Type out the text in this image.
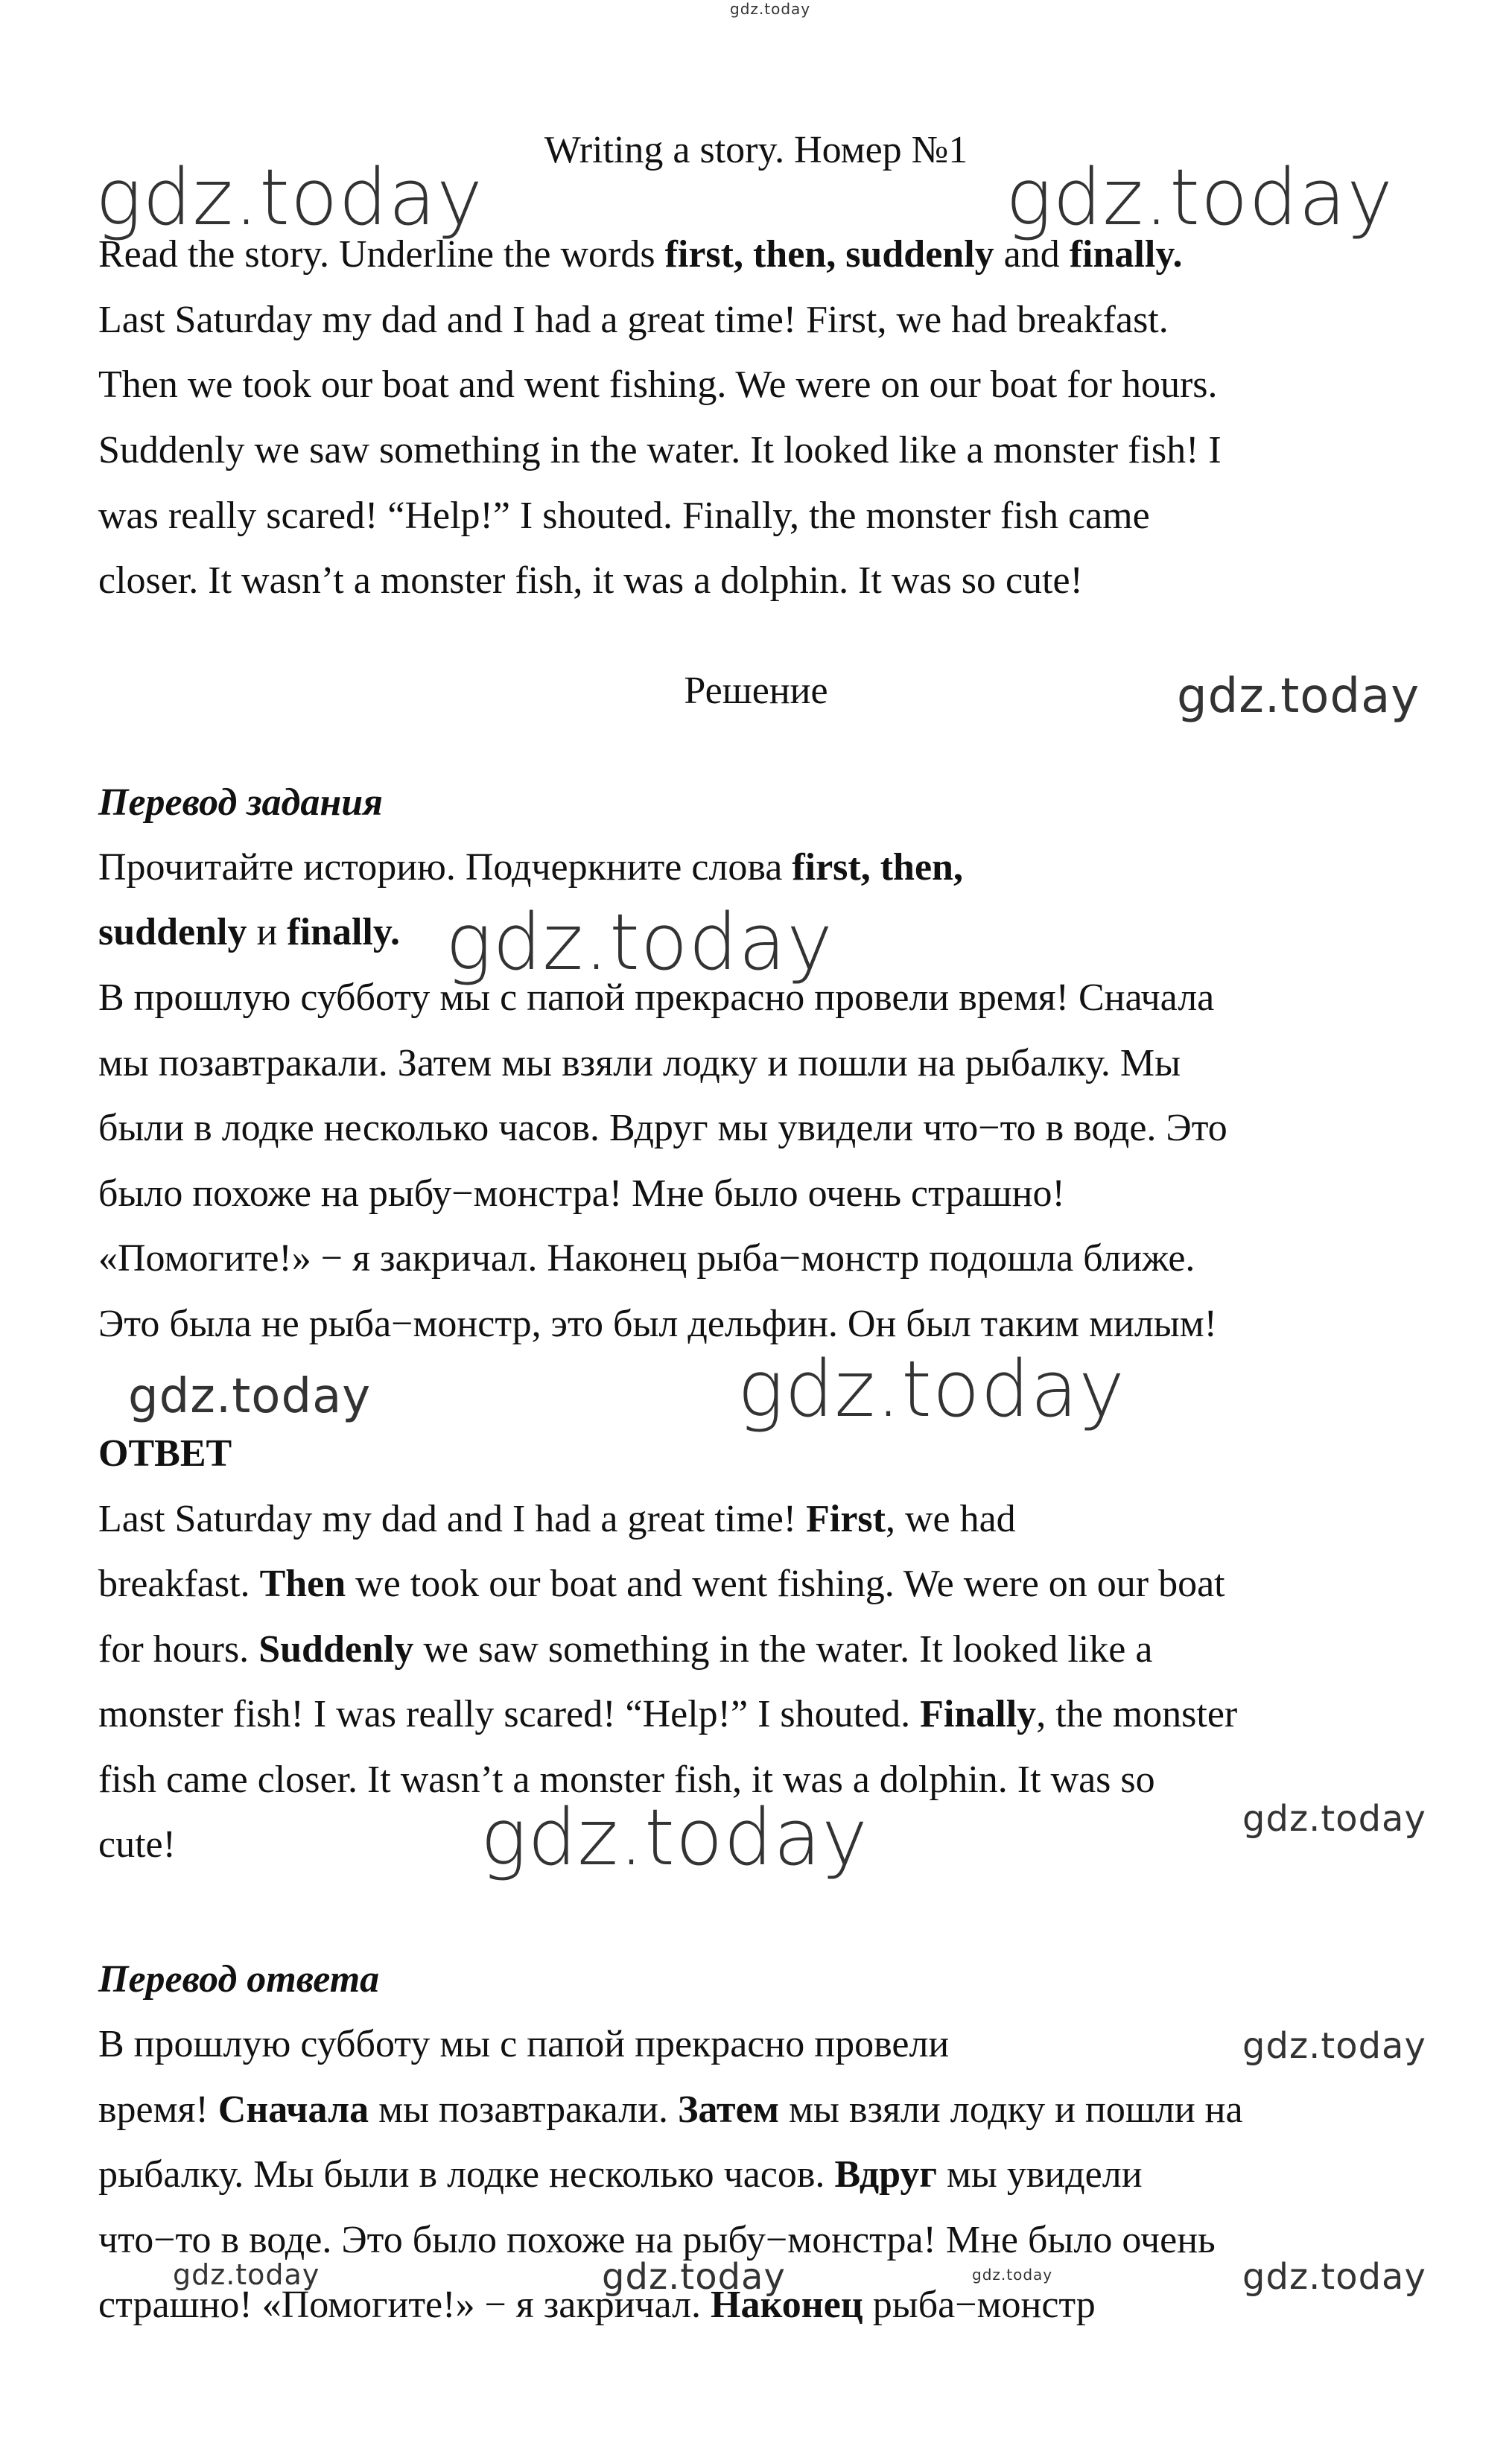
gdz.today

Writing a story. Номер №1

gdz.today	gdz.today

Read the story. Underline the words first, then, suddenly and finally.

Last Saturday my dad and I had a great time! First, we had breakfast.

Then we took our boat and went fishing. We were on our boat for hours.

Suddenly we saw something in the water. It looked like a monster fish! I

was really scared! “Help!” I shouted. Finally, the monster fish came

closer. It wasn’t a monster fish, it was a dolphin. It was so cute!

Решение	gdz.today

Перевод задания

Прочитайте историю. Подчеркните слова first, then,

suddenly и finally. gdz.today

В прошлую субботу мы с папой прекрасно провели время! Сначала

мы позавтракали. Затем мы взяли лодку и пошли на рыбалку. Мы

были в лодке несколько часов. Вдруг мы увидели что−то в воде. Это

было похоже на рыбу−монстра! Мне было очень страшно!

«Помогите!» − я закричал. Наконец рыба−монстр подошла ближе.

Это была не рыба−монстр, это был дельфин. Он был таким милым!

gdz.today	gdz.today

ОТВЕТ

Last Saturday my dad and I had a great time! First, we had

breakfast. Then we took our boat and went fishing. We were on our boat

for hours. Suddenly we saw something in the water. It looked like a

monster fish! I was really scared! “Help!” I shouted. Finally, the monster

fish came closer. It wasn’t a monster fish, it was a dolphin. It was so

gdz.today

cute!	gdz.today

Перевод ответа

В прошлую субботу мы с папой прекрасно провели	gdz.today

время! Сначала мы позавтракали. Затем мы взяли лодку и пошли на

рыбалку. Мы были в лодке несколько часов. Вдруг мы увидели

что−то в воде. Это было похоже на рыбу−монстра! Мне было очень

gdz.today	gdz.today	gdz.today	gdz.today

страшно! «Помогите!» − я закричал. Наконец рыба−монстр
